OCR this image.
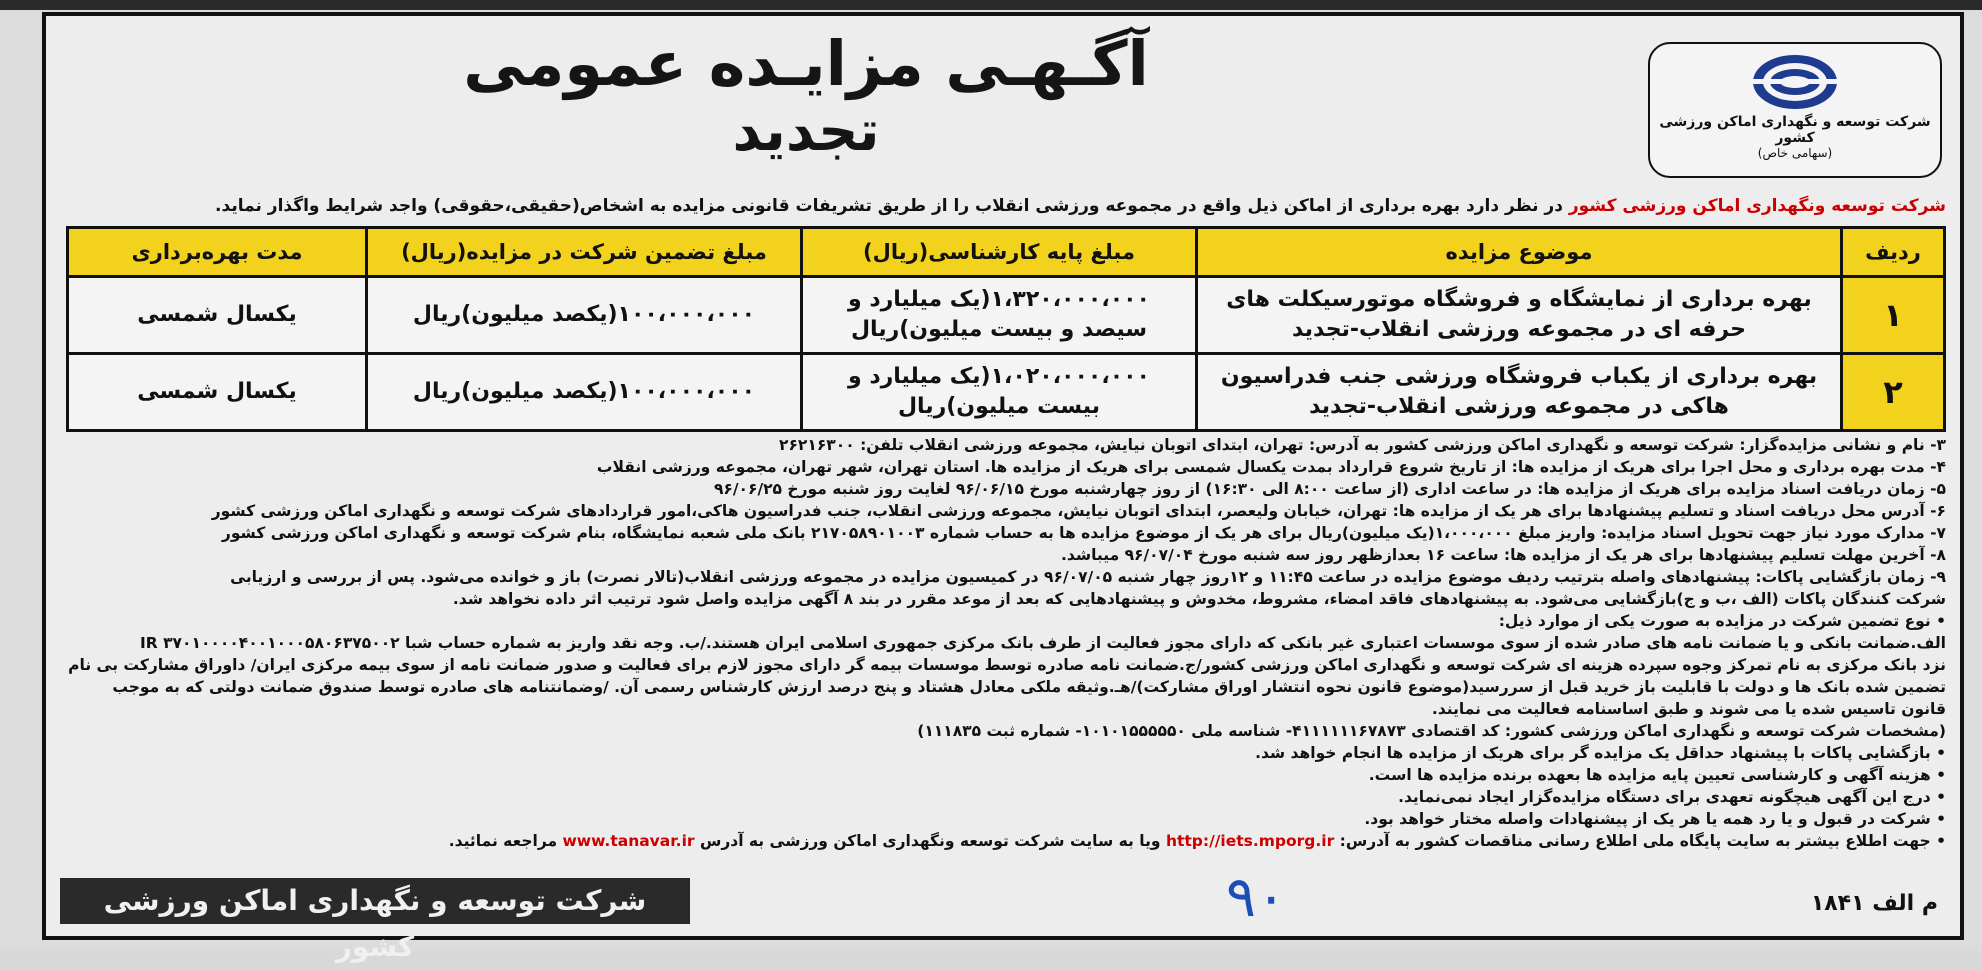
شرکت توسعه و نگهداری اماکن ورزشی کشور
(سهامی خاص)
آگـهـی مزایـده عمومی
تجدید
شرکت توسعه ونگهداری اماکن ورزشی کشور در نظر دارد بهره برداری از اماکن ذیل واقع در مجموعه ورزشی انقلاب را از طریق تشریفات قانونی مزایده به اشخاص(حقیقی،حقوقی) واجد شرایط واگذار نماید.
ردیف	موضوع مزایده	مبلغ پایه کارشناسی(ریال)	مبلغ تضمین شرکت در مزایده(ریال)	مدت بهره‌برداری
۱	بهره برداری از نمایشگاه و فروشگاه موتورسیکلت های حرفه ای در مجموعه ورزشی انقلاب-تجدید	۱،۳۲۰،۰۰۰،۰۰۰(یک میلیارد و سیصد و بیست میلیون)ریال	۱۰۰،۰۰۰،۰۰۰(یکصد میلیون)ریال	یکسال شمسی
۲	بهره برداری از یکباب فروشگاه ورزشی جنب فدراسیون هاکی در مجموعه ورزشی انقلاب-تجدید	۱،۰۲۰،۰۰۰،۰۰۰(یک میلیارد و بیست میلیون)ریال	۱۰۰،۰۰۰،۰۰۰(یکصد میلیون)ریال	یکسال شمسی
۳- نام و نشانی مزایده‌گزار: شرکت توسعه و نگهداری اماکن ورزشی کشور به آدرس: تهران، ابتدای اتوبان نیایش، مجموعه ورزشی انقلاب تلفن: ۲۶۲۱۶۳۰۰
۴- مدت بهره برداری و محل اجرا برای هریک از مزایده ها: از تاریخ شروع قرارداد بمدت یکسال شمسی برای هریک از مزایده ها. استان تهران، شهر تهران، مجموعه ورزشی انقلاب
۵- زمان دریافت اسناد مزایده برای هریک از مزایده ها: در ساعت اداری (از ساعت ۸:۰۰ الی ۱۶:۳۰) از روز چهارشنبه مورخ ۹۶/۰۶/۱۵ لغایت روز شنبه مورخ ۹۶/۰۶/۲۵
۶- آدرس محل دریافت اسناد و تسلیم پیشنهادها برای هر یک از مزایده ها: تهران، خیابان ولیعصر، ابتدای اتوبان نیایش، مجموعه ورزشی انقلاب، جنب فدراسیون هاکی،امور قراردادهای شرکت توسعه و نگهداری اماکن ورزشی کشور
۷- مدارک مورد نیاز جهت تحویل اسناد مزایده: واریز مبلغ ۱،۰۰۰،۰۰۰(یک میلیون)ریال برای هر یک از موضوع مزایده ها به حساب شماره ۲۱۷۰۵۸۹۰۱۰۰۳ بانک ملی شعبه نمایشگاه، بنام شرکت توسعه و نگهداری اماکن ورزشی کشور
۸- آخرین مهلت تسلیم پیشنهادها برای هر یک از مزایده ها: ساعت ۱۶ بعدازظهر روز سه شنبه مورخ ۹۶/۰۷/۰۴ میباشد.
۹- زمان بازگشایی پاکات: پیشنهادهای واصله بترتیب ردیف موضوع مزایده در ساعت ۱۱:۴۵ و ۱۲روز چهار شنبه ۹۶/۰۷/۰۵ در کمیسیون مزایده در مجموعه ورزشی انقلاب(تالار نصرت) باز و خوانده می‌شود. پس از بررسی و ارزیابی
شرکت کنندگان پاکات (الف ،ب و ج)بازگشایی می‌شود. به پیشنهادهای فاقد امضاء، مشروط، مخدوش و پیشنهادهایی که بعد از موعد مقرر در بند ۸ آگهی مزایده واصل شود ترتیب اثر داده نخواهد شد.
• نوع تضمین شرکت در مزایده به صورت یکی از موارد ذیل:
الف.ضمانت بانکی و یا ضمانت نامه های صادر شده از سوی موسسات اعتباری غیر بانکی که دارای مجوز فعالیت از طرف بانک مرکزی جمهوری اسلامی ایران هستند./ب. وجه نقد واریز به شماره حساب شبا IR ۳۷۰۱۰۰۰۰۴۰۰۱۰۰۰۵۸۰۶۳۷۵۰۰۲
نزد بانک مرکزی به نام تمرکز وجوه سپرده هزینه ای شرکت توسعه و نگهداری اماکن ورزشی کشور/ج.ضمانت نامه صادره توسط موسسات بیمه گر دارای مجوز لازم برای فعالیت و صدور ضمانت نامه از سوی بیمه مرکزی ایران/ داوراق مشارکت بی نام
تضمین شده بانک ها و دولت با قابلیت باز خرید قبل از سررسید(موضوع قانون نحوه انتشار اوراق مشارکت)/هـ.وثیقه ملکی معادل هشتاد و پنج درصد ارزش کارشناس رسمی آن. /وضمانتنامه های صادره توسط صندوق ضمانت دولتی که به موجب
قانون تاسیس شده یا می شوند و طبق اساسنامه فعالیت می نمایند.
(مشخصات شرکت توسعه و نگهداری اماکن ورزشی کشور: کد اقتصادی ۴۱۱۱۱۱۱۶۷۸۷۳- شناسه ملی ۱۰۱۰۱۵۵۵۵۵۰- شماره ثبت ۱۱۱۸۳۵)
• بازگشایی پاکات با پیشنهاد حداقل یک مزایده گر برای هریک از مزایده ها انجام خواهد شد.
• هزینه آگهی و کارشناسی تعیین پایه مزایده ها بعهده برنده مزایده ها است.
• درج این آگهی هیچگونه تعهدی برای دستگاه مزایده‌گزار ایجاد نمی‌نماید.
• شرکت در قبول و یا رد همه یا هر یک از پیشنهادات واصله مختار خواهد بود.
• جهت اطلاع بیشتر به سایت پایگاه ملی اطلاع رسانی مناقصات کشور به آدرس: http://iets.mporg.ir ویا به سایت شرکت توسعه ونگهداری اماکن ورزشی به آدرس www.tanavar.ir مراجعه نمائید.
م الف ۱۸۴۱
۹۰
شرکت توسعه و نگهداری اماکن ورزشی کشور
